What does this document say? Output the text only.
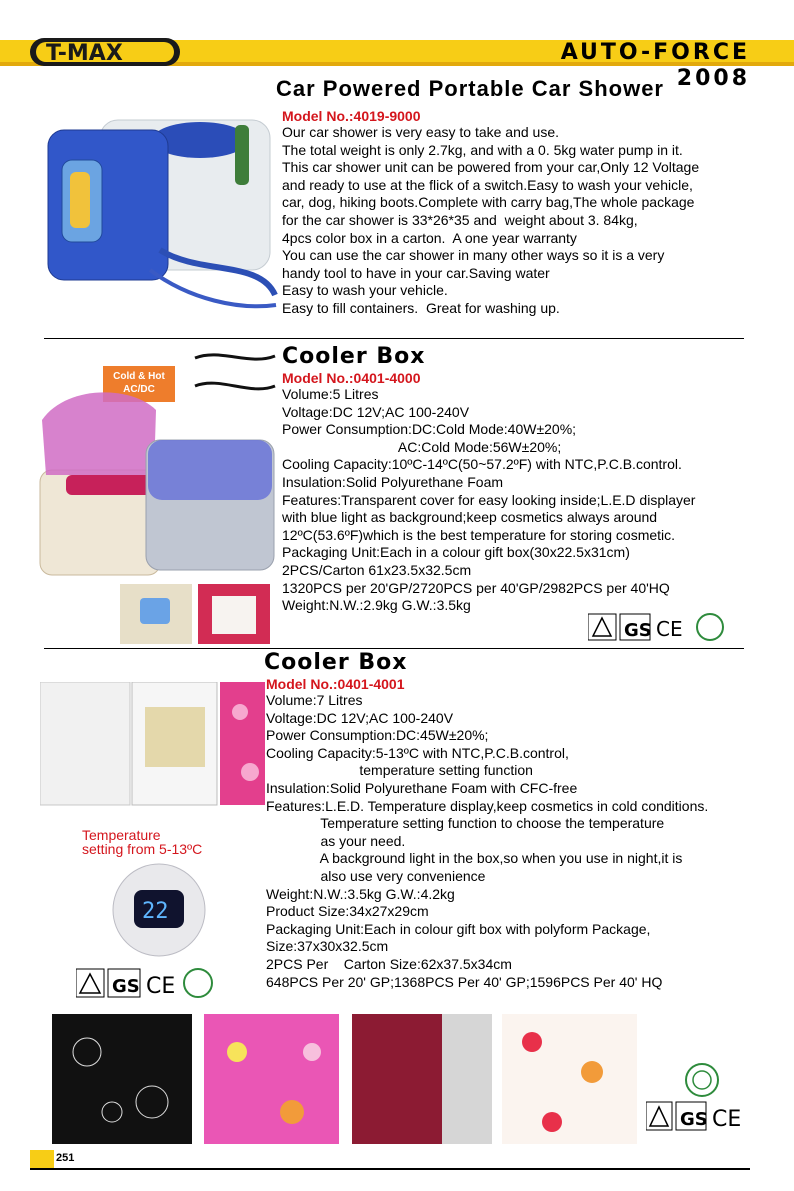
T-MAX	AUTO-FORCE 2008
Car Powered Portable Car Shower
Model No.:4019-9000
Our car shower is very easy to take and use.
The total weight is only 2.7kg, and with a 0. 5kg water pump in it.
This car shower unit can be powered from your car,Only 12 Voltage
and ready to use at the flick of a switch.Easy to wash your vehicle,
car, dog, hiking boots.Complete with carry bag,The whole package
for the car shower is 33*26*35 and  weight about 3. 84kg,
4pcs color box in a carton.  A one year warranty
You can use the car shower in many other ways so it is a very
handy tool to have in your car.Saving water
Easy to wash your vehicle.
Easy to fill containers.  Great for washing up.
Cooler Box
Cold & Hot
AC/DC
Model No.:0401-4000
Volume:5 Litres
Voltage:DC 12V;AC 100-240V
Power Consumption:DC:Cold Mode:40W±20%;
AC:Cold Mode:56W±20%;
Cooling Capacity:10ºC-14ºC(50~57.2ºF) with NTC,P.C.B.control.
Insulation:Solid Polyurethane Foam
Features:Transparent cover for easy looking inside;L.E.D displayer
with blue light as background;keep cosmetics always around
12ºC(53.6ºF)which is the best temperature for storing cosmetic.
Packaging Unit:Each in a colour gift box(30x22.5x31cm)
2PCS/Carton 61x23.5x32.5cm
1320PCS per 20'GP/2720PCS per 40'GP/2982PCS per 40'HQ
Weight:N.W.:2.9kg G.W.:3.5kg
GS CE
Cooler Box
Temperature
setting from 5-13ºC
22
GS CE
Model No.:0401-4001
Volume:7 Litres
Voltage:DC 12V;AC 100-240V
Power Consumption:DC:45W±20%;
Cooling Capacity:5-13ºC with NTC,P.C.B.control,
temperature setting function
Insulation:Solid Polyurethane Foam with CFC-free
Features:L.E.D. Temperature display,keep cosmetics in cold conditions.
Temperature setting function to choose the temperature
as your need.
A background light in the box,so when you use in night,it is
also use very convenience
Weight:N.W.:3.5kg G.W.:4.2kg
Product Size:34x27x29cm
Packaging Unit:Each in colour gift box with polyform Package,
Size:37x30x32.5cm
2PCS Per    Carton Size:62x37.5x34cm
648PCS Per 20' GP;1368PCS Per 40' GP;1596PCS Per 40' HQ
GS CE
251
